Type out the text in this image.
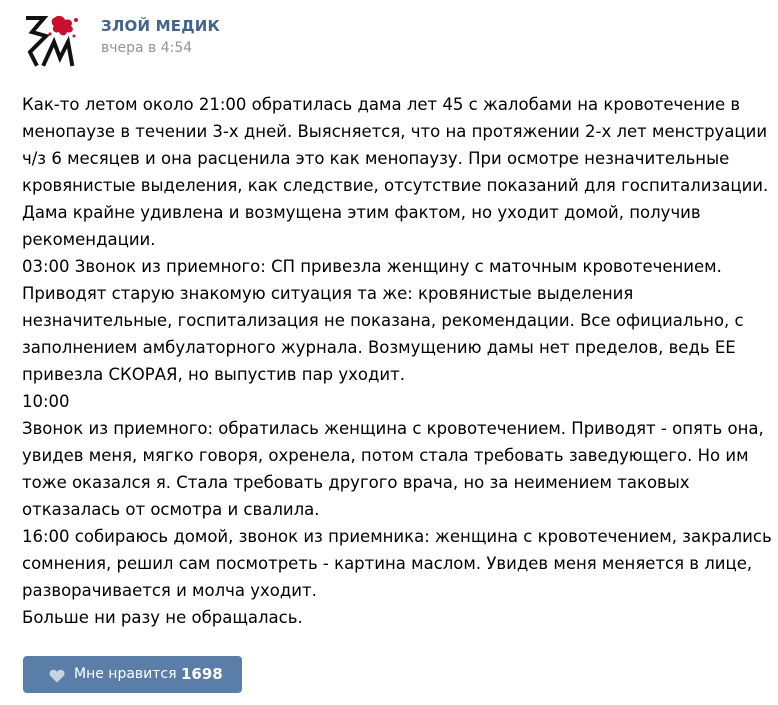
ЗЛОЙ МЕДИК
вчера в 4:54
Как-то летом около 21:00 обратилась дама лет 45 с жалобами на кровотечение в
менопаузе в течении 3-х дней. Выясняется, что на протяжении 2-х лет менструации
ч/з 6 месяцев и она расценила это как менопаузу. При осмотре незначительные
кровянистые выделения, как следствие, отсутствие показаний для госпитализации.
Дама крайне удивлена и возмущена этим фактом, но уходит домой, получив
рекомендации.
03:00 Звонок из приемного: СП привезла женщину с маточным кровотечением.
Приводят старую знакомую ситуация та же: кровянистые выделения
незначительные, госпитализация не показана, рекомендации. Все официально, с
заполнением амбулаторного журнала. Возмущению дамы нет пределов, ведь ЕЕ
привезла СКОРАЯ, но выпустив пар уходит.
10:00
Звонок из приемного: обратилась женщина с кровотечением. Приводят - опять она,
увидев меня, мягко говоря, охренела, потом стала требовать заведующего. Но им
тоже оказался я. Стала требовать другого врача, но за неимением таковых
отказалась от осмотра и свалила.
16:00 собираюсь домой, звонок из приемника: женщина с кровотечением, закрались
сомнения, решил сам посмотреть - картина маслом. Увидев меня меняется в лице,
разворачивается и молча уходит.
Больше ни разу не обращалась.
Мне нравится 1698
